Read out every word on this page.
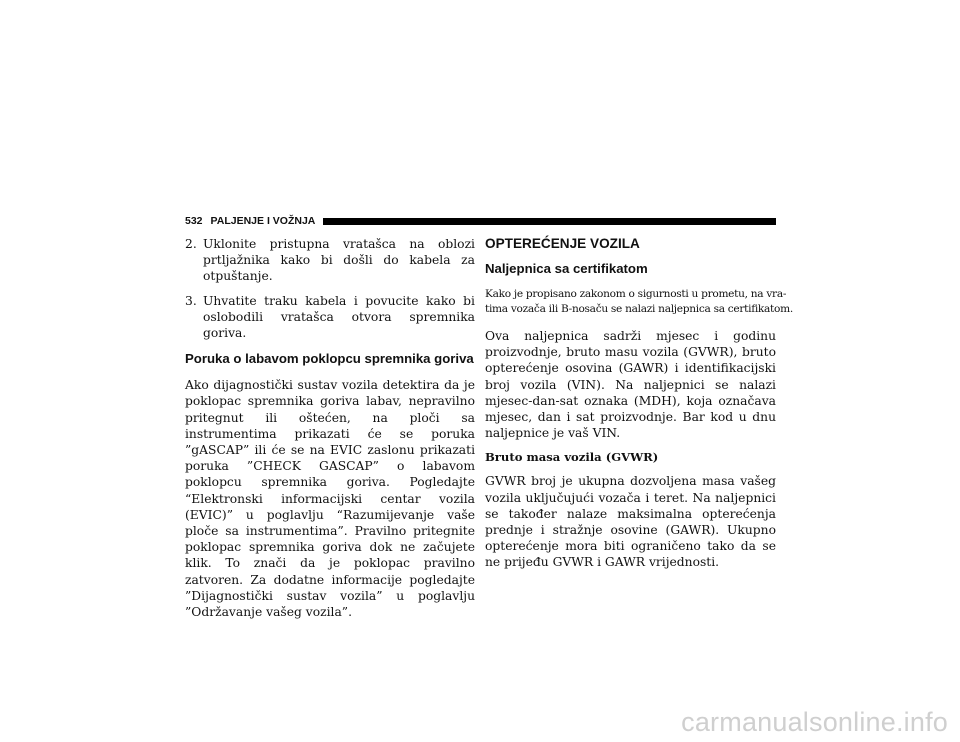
532 PALJENJE I VOŽNJA
2. Uklonite pristupna vratašca na oblozi prtljažnika kako bi došli do kabela za otpuštanje.
3. Uhvatite traku kabela i povucite kako bi oslobodili vratašca otvora spremnika goriva.
Poruka o labavom poklopcu spremnika goriva

Ako dijagnostički sustav vozila detektira da je poklopac spremnika goriva labav, nepravilno pritegnut ili oštećen, na ploči sa instrumentima prikazati će se poruka ”gASCAP” ili će se na EVIC zaslonu prikazati poruka ”CHECK GASCAP” o labavom poklopcu spremnika goriva. Pogledajte “Elektronski informacijski centar vozila (EVIC)” u poglavlju “Razumijevanje vaše ploče sa instrumentima”. Pravilno pritegnite poklopac spremnika goriva dok ne začujete klik. To znači da je poklopac pravilno zatvoren. Za dodatne informacije pogledajte ”Dijagnostički sustav vozila” u poglavlju ”Održavanje vašeg vozila”.

OPTEREĆENJE VOZILA
Naljepnica sa certifikatom

Kako je propisano zakonom o sigurnosti u prometu, na vra-

tima vozača ili B-nosaču se nalazi naljepnica sa certifikatom.

Ova naljepnica sadrži mjesec i godinu proizvodnje, bruto masu vozila (GVWR), bruto opterećenje osovina (GAWR) i identifikacijski broj vozila (VIN). Na naljepnici se nalazi mjesec-dan-sat oznaka (MDH), koja označava mjesec, dan i sat proizvodnje. Bar kod u dnu naljepnice je vaš VIN.

Bruto masa vozila (GVWR)

GVWR broj je ukupna dozvoljena masa vašeg vozila uključujući vozača i teret. Na naljepnici se također nalaze maksimalna opterećenja prednje i stražnje osovine (GAWR). Ukupno opterećenje mora biti ograničeno tako da se ne prijeđu GVWR i GAWR vrijednosti.

carmanualsonline.info
